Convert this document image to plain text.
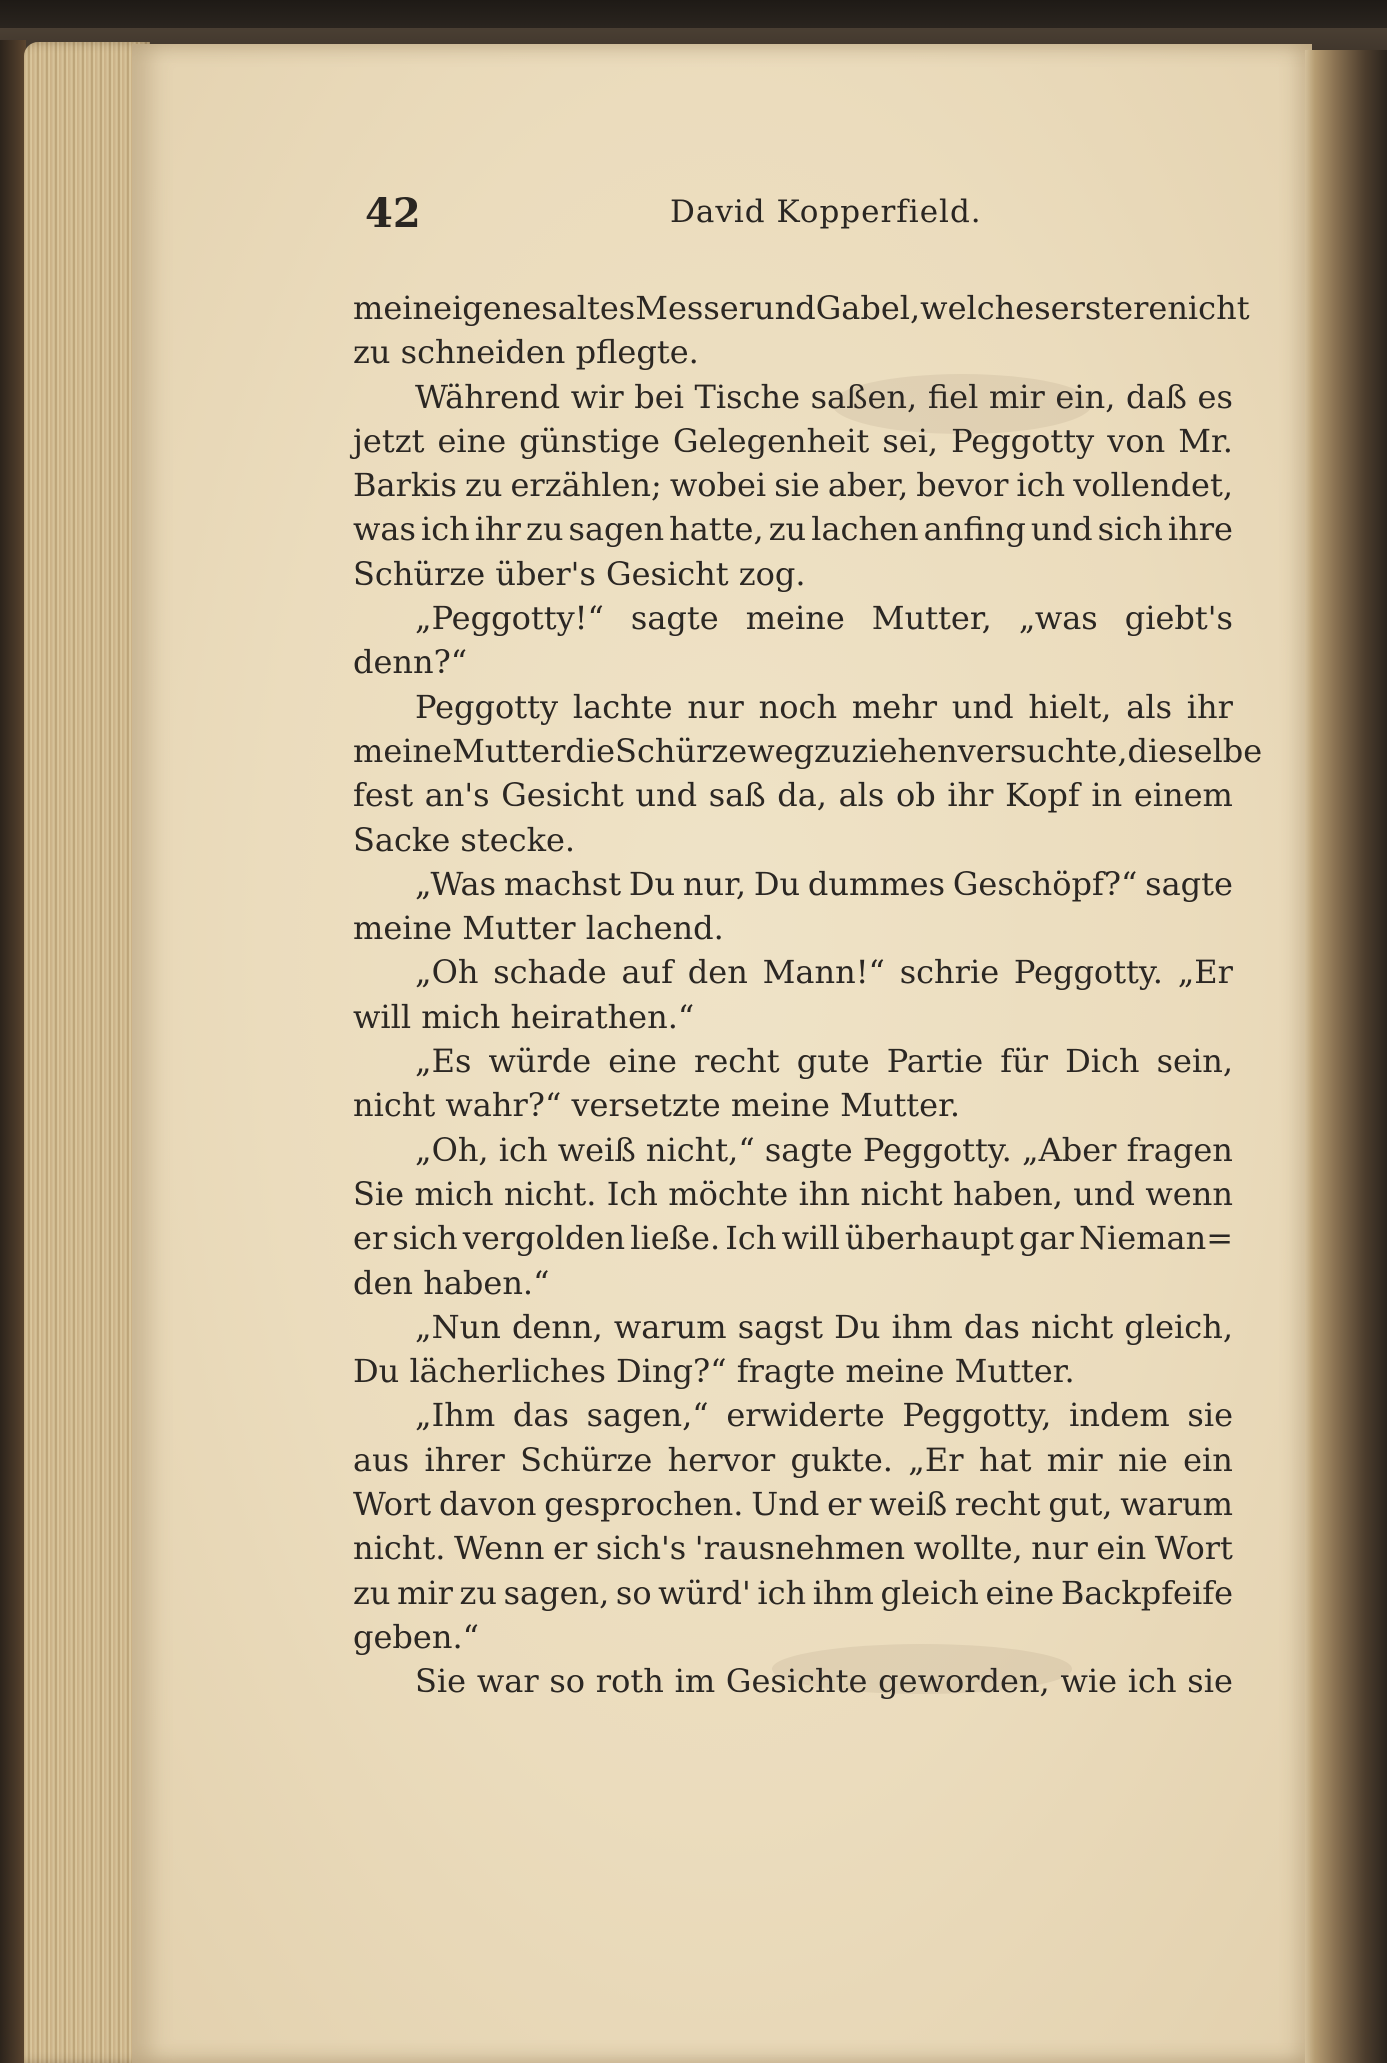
42	David Kopperfield.
mein eigenes altes Messer und Gabel, welches erstere nicht
zu schneiden pflegte.
Während wir bei Tische saßen, fiel mir ein, daß es
jetzt eine günstige Gelegenheit sei, Peggotty von Mr.
Barkis zu erzählen; wobei sie aber, bevor ich vollendet,
was ich ihr zu sagen hatte, zu lachen anfing und sich ihre
Schürze über's Gesicht zog.
„Peggotty!“ sagte meine Mutter, „was giebt's
denn?“
Peggotty lachte nur noch mehr und hielt, als ihr
meine Mutter die Schürze wegzuziehen versuchte, dieselbe
fest an's Gesicht und saß da, als ob ihr Kopf in einem
Sacke stecke.
„Was machst Du nur, Du dummes Geschöpf?“ sagte
meine Mutter lachend.
„Oh schade auf den Mann!“ schrie Peggotty. „Er
will mich heirathen.“
„Es würde eine recht gute Partie für Dich sein,
nicht wahr?“ versetzte meine Mutter.
„Oh, ich weiß nicht,“ sagte Peggotty. „Aber fragen
Sie mich nicht. Ich möchte ihn nicht haben, und wenn
er sich vergolden ließe. Ich will überhaupt gar Nieman=
den haben.“
„Nun denn, warum sagst Du ihm das nicht gleich,
Du lächerliches Ding?“ fragte meine Mutter.
„Ihm das sagen,“ erwiderte Peggotty, indem sie
aus ihrer Schürze hervor gukte. „Er hat mir nie ein
Wort davon gesprochen. Und er weiß recht gut, warum
nicht. Wenn er sich's 'rausnehmen wollte, nur ein Wort
zu mir zu sagen, so würd' ich ihm gleich eine Backpfeife
geben.“
Sie war so roth im Gesichte geworden, wie ich sie
